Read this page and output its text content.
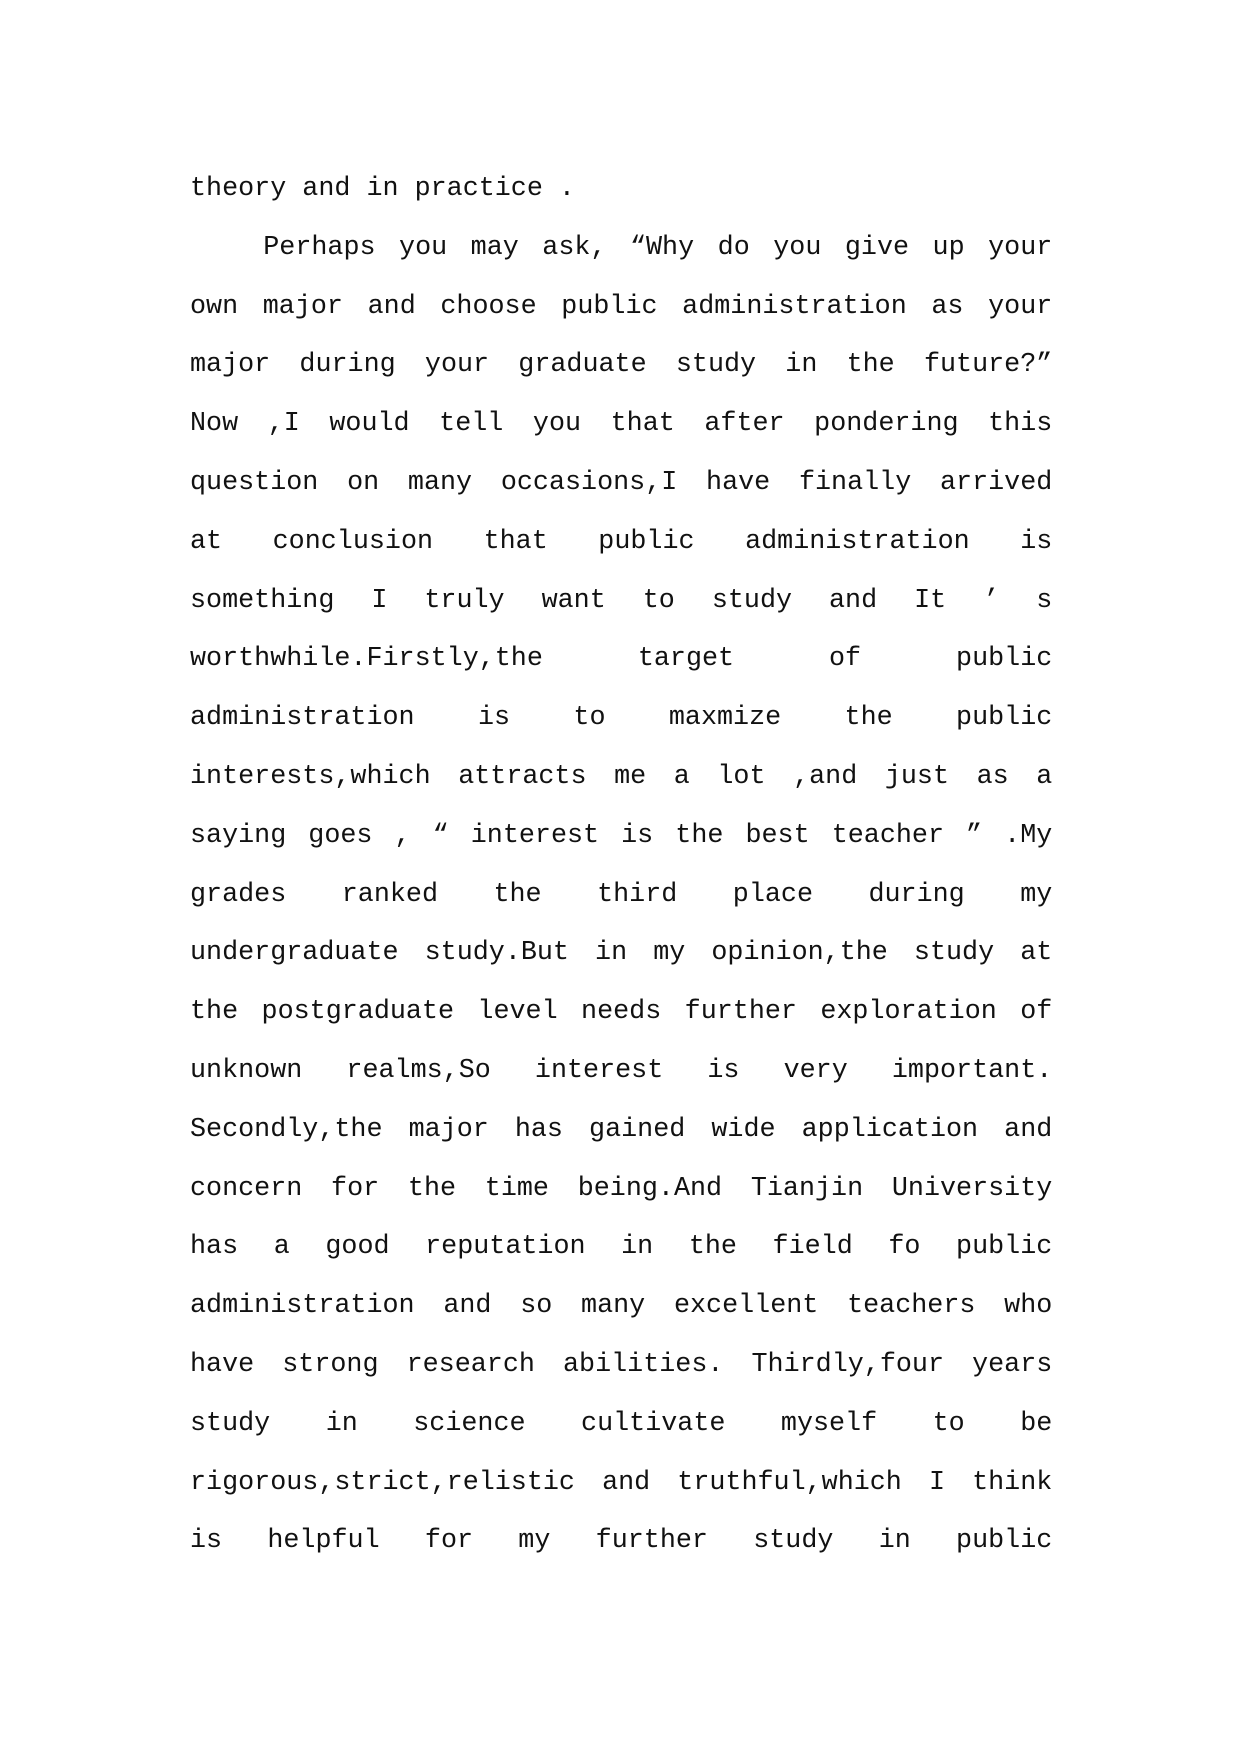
theory and in practice .
Perhaps you may ask, “Why do you give up your
own major and choose public administration as your
major during your graduate study in the future?”
Now ,I would tell you that after pondering this
question on many occasions,I have finally arrived
at conclusion that public administration is
something I truly want to study and It ’ s
worthwhile.Firstly,the target of public
administration is to maxmize the public
interests,which attracts me a lot ,and just as a
saying goes , “ interest is the best teacher ” .My
grades ranked the third place during my
undergraduate study.But in my opinion,the study at
the postgraduate level needs further exploration of
unknown realms,So interest is very important.
Secondly,the major has gained wide application and
concern for the time being.And Tianjin University
has a good reputation in the field fo public
administration and so many excellent teachers who
have strong research abilities. Thirdly,four years
study in science cultivate myself to be
rigorous,strict,relistic and truthful,which I think
is helpful for my further study in public
